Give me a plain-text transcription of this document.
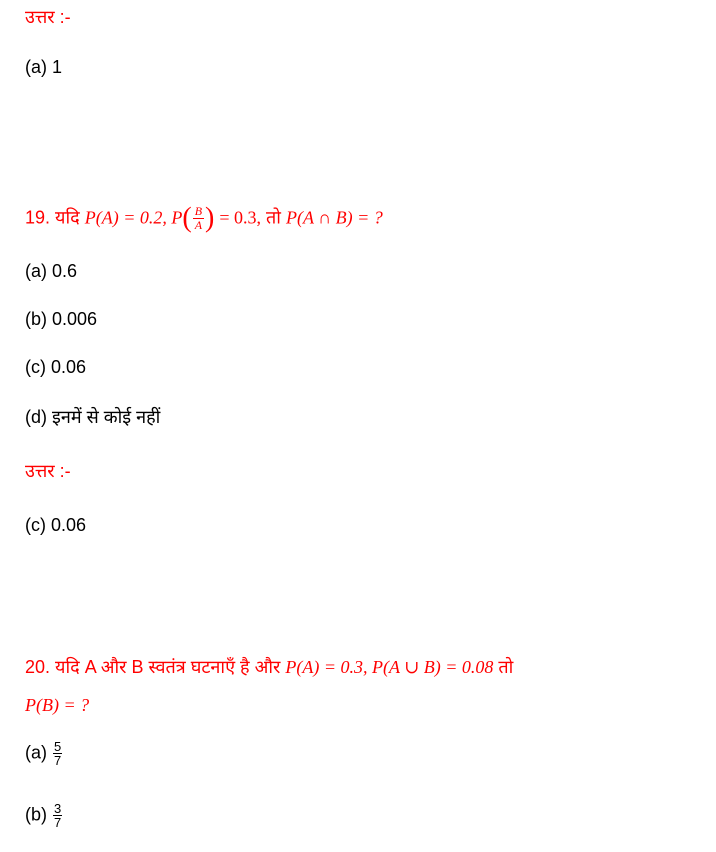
उत्तर :-
(a) 1
19. यदि P(A) = 0.2, $P( \frac{B}{A}$ ) = 0.3, तो P(A ∩ B) = ?
(a) 0.6
(b) 0.006
(c) 0.06
(d) इनमें से कोई नहीं
उत्तर :-
(c) 0.06
20. यदि A और B स्वतंत्र घटनाएँ है और P(A) = 0.3, P(A ∪ B) = 0.08 तो
P(B) = ?
$(a) \frac{5}{7}$
$(b) \frac{3}{7}$
